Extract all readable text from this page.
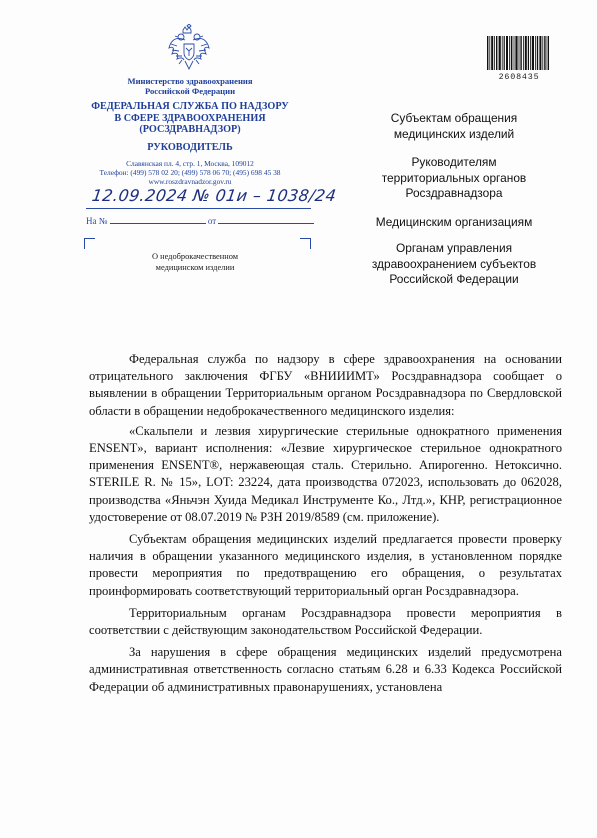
Министерство здравоохранения
Российской Федерации
ФЕДЕРАЛЬНАЯ СЛУЖБА ПО НАДЗОРУ
В СФЕРЕ ЗДРАВООХРАНЕНИЯ
(РОСЗДРАВНАДЗОР)
РУКОВОДИТЕЛЬ
Славянская пл. 4, стр. 1, Москва, 109012
Телефон: (499) 578 02 20; (499) 578 06 70; (495) 698 45 38
www.roszdravnadzor.gov.ru
12.09.2024 № 01и – 1038/24
На №	от
О недоброкачественном
медицинском изделии
2608435
Субъектам обращения
медицинских изделий
Руководителям
территориальных органов
Росздравнадзора
Медицинским организациям
Органам управления
здравоохранением субъектов
Российской Федерации

Федеральная служба по надзору в сфере здравоохранения на основании отрицательного заключения ФГБУ «ВНИИИМТ» Росздравнадзора сообщает о выявлении в обращении Территориальным органом Росздравнадзора по Свердловской области в обращении недоброкачественного медицинского изделия:

«Скальпели и лезвия хирургические стерильные однократного применения ENSENT», вариант исполнения: «Лезвие хирургическое стерильное однократного применения ENSENT®, нержавеющая сталь. Стерильно. Апирогенно. Нетоксично. STERILE R. № 15», LOT: 23224, дата производства 072023, использовать до 062028, производства «Яньчэн Хуида Медикал Инструменте Ко., Лтд.», КНР, регистрационное удостоверение от 08.07.2019 № РЗН 2019/8589 (см. приложение).

Субъектам обращения медицинских изделий предлагается провести проверку наличия в обращении указанного медицинского изделия, в установленном порядке провести мероприятия по предотвращению его обращения, о результатах проинформировать соответствующий территориальный орган Росздравнадзора.

Территориальным органам Росздравнадзора провести мероприятия в соответствии с действующим законодательством Российской Федерации.

За нарушения в сфере обращения медицинских изделий предусмотрена административная ответственность согласно статьям 6.28 и 6.33 Кодекса Российской Федерации об административных правонарушениях, установлена
